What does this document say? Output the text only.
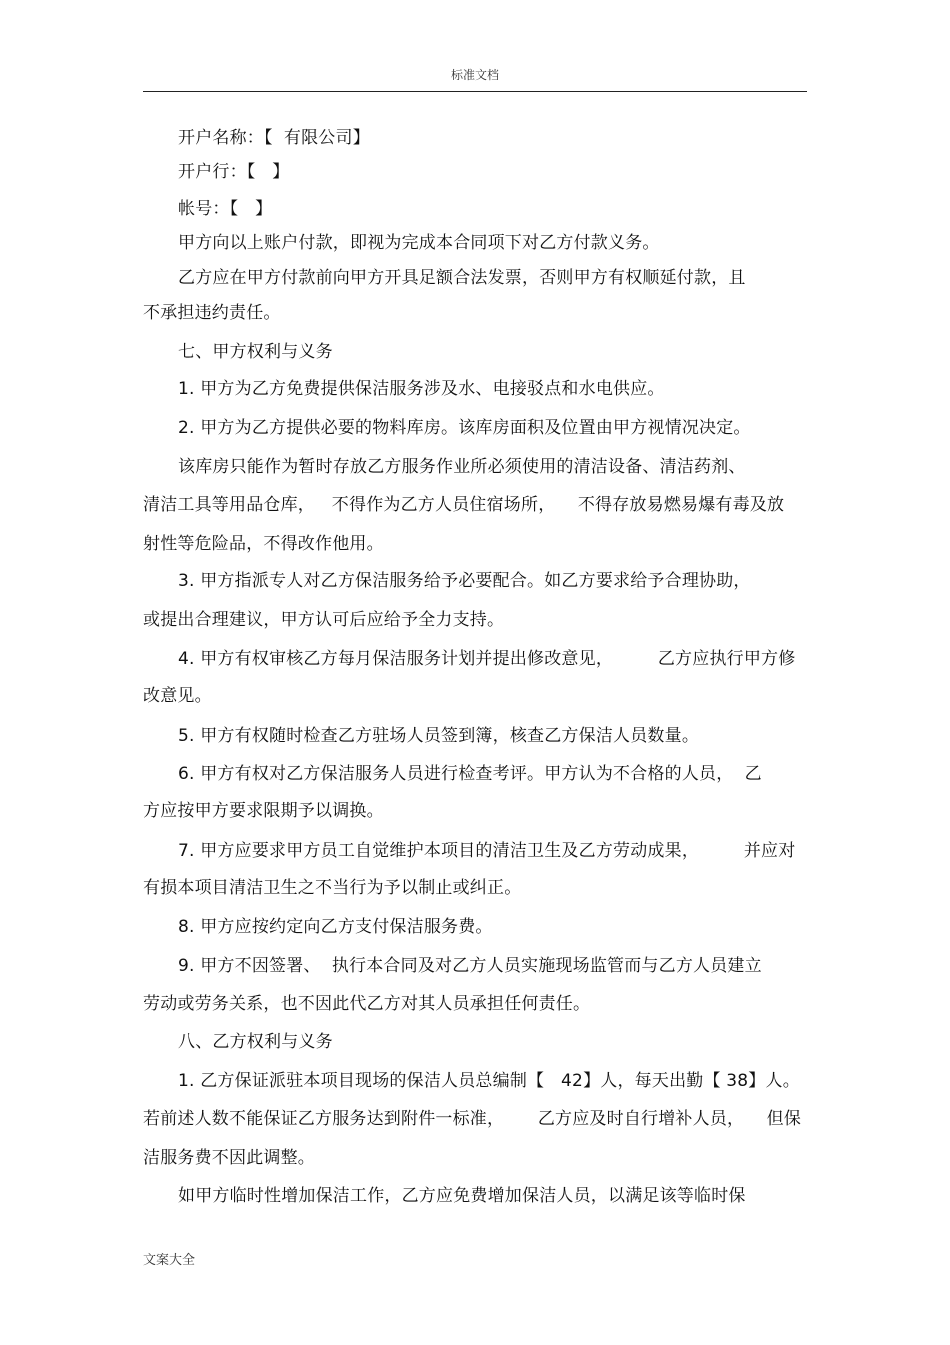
标准文档
开户名称：【  有限公司】
开户行：【   】
帐号：【   】
甲方向以上账户付款，即视为完成本合同项下对乙方付款义务。
乙方应在甲方付款前向甲方开具足额合法发票，否则甲方有权顺延付款，且
不承担违约责任。
七、甲方权利与义务
1. 甲方为乙方免费提供保洁服务涉及水、电接驳点和水电供应。
2. 甲方为乙方提供必要的物料库房。该库房面积及位置由甲方视情况决定。
该库房只能作为暂时存放乙方服务作业所必须使用的清洁设备、清洁药剂、
清洁工具等用品仓库，   不得作为乙方人员住宿场所，    不得存放易燃易爆有毒及放
射性等危险品，不得改作他用。
3. 甲方指派专人对乙方保洁服务给予必要配合。如乙方要求给予合理协助，
或提出合理建议，甲方认可后应给予全力支持。
4. 甲方有权审核乙方每月保洁服务计划并提出修改意见，        乙方应执行甲方修
改意见。
5. 甲方有权随时检查乙方驻场人员签到簿，核查乙方保洁人员数量。
6. 甲方有权对乙方保洁服务人员进行检查考评。甲方认为不合格的人员，  乙
方应按甲方要求限期予以调换。
7. 甲方应要求甲方员工自觉维护本项目的清洁卫生及乙方劳动成果，        并应对
有损本项目清洁卫生之不当行为予以制止或纠正。
8. 甲方应按约定向乙方支付保洁服务费。
9. 甲方不因签署、  执行本合同及对乙方人员实施现场监管而与乙方人员建立
劳动或劳务关系，也不因此代乙方对其人员承担任何责任。
八、乙方权利与义务
1. 乙方保证派驻本项目现场的保洁人员总编制【   42】人，每天出勤【 38】人。
若前述人数不能保证乙方服务达到附件一标准，      乙方应及时自行增补人员，    但保
洁服务费不因此调整。
如甲方临时性增加保洁工作，乙方应免费增加保洁人员，以满足该等临时保
文案大全
